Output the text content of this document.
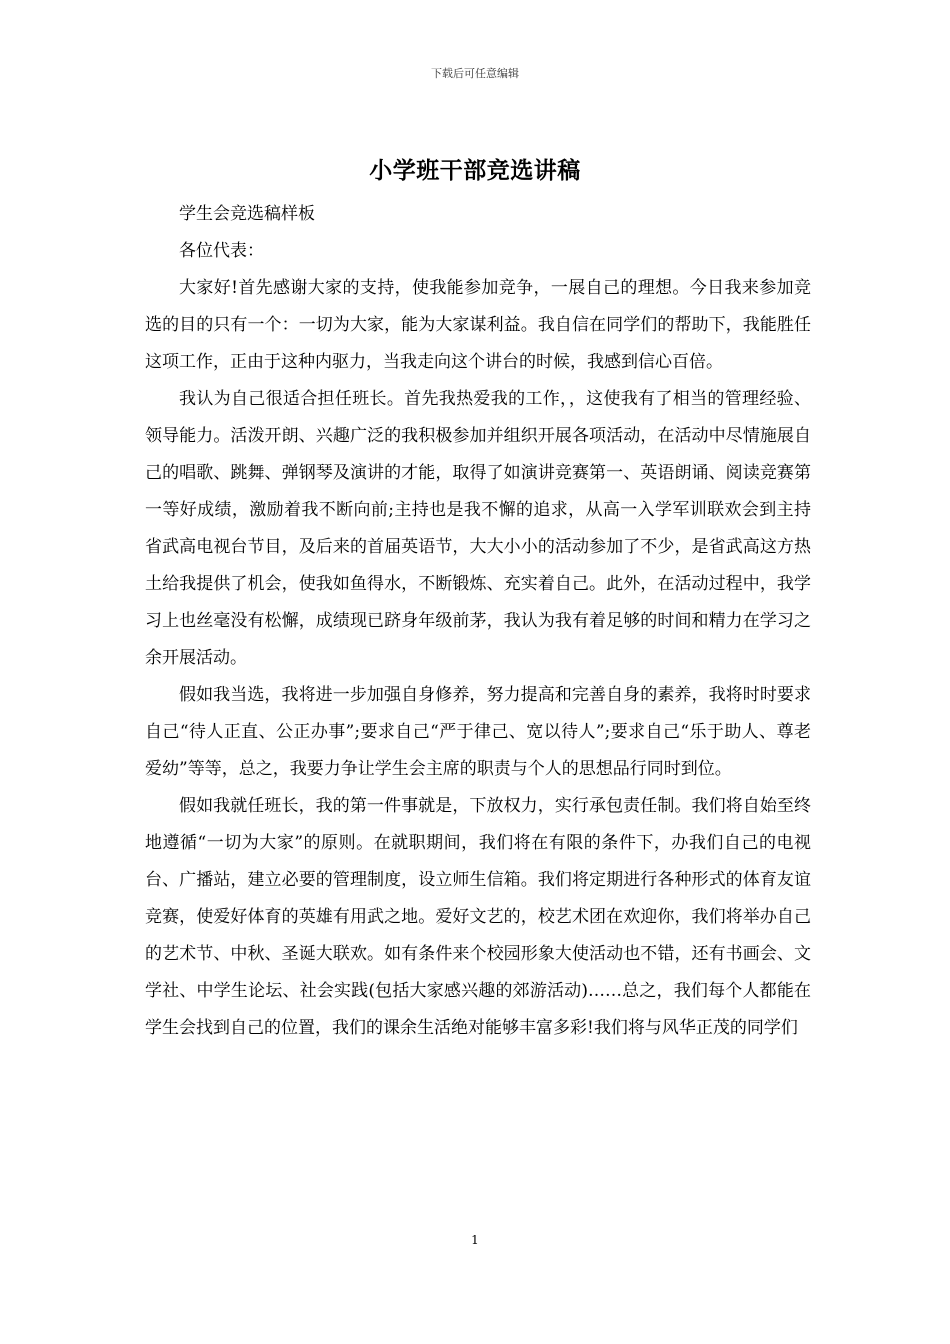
下载后可任意编辑
小学班干部竞选讲稿

学生会竞选稿样板

各位代表：

大家好!首先感谢大家的支持，使我能参加竞争，一展自己的理想。今日我来参加竞选的目的只有一个：一切为大家，能为大家谋利益。我自信在同学们的帮助下，我能胜任这项工作，正由于这种内驱力，当我走向这个讲台的时候，我感到信心百倍。

我认为自己很适合担任班长。首先我热爱我的工作，，这使我有了相当的管理经验、领导能力。活泼开朗、兴趣广泛的我积极参加并组织开展各项活动，在活动中尽情施展自己的唱歌、跳舞、弹钢琴及演讲的才能，取得了如演讲竞赛第一、英语朗诵、阅读竞赛第一等好成绩，激励着我不断向前;主持也是我不懈的追求，从高一入学军训联欢会到主持省武高电视台节目，及后来的首届英语节，大大小小的活动参加了不少，是省武高这方热土给我提供了机会，使我如鱼得水，不断锻炼、充实着自己。此外，在活动过程中，我学习上也丝毫没有松懈，成绩现已跻身年级前茅，我认为我有着足够的时间和精力在学习之余开展活动。

假如我当选，我将进一步加强自身修养，努力提高和完善自身的素养，我将时时要求自己“待人正直、公正办事”;要求自己“严于律己、宽以待人”;要求自己“乐于助人、尊老爱幼”等等，总之，我要力争让学生会主席的职责与个人的思想品行同时到位。

假如我就任班长，我的第一件事就是，下放权力，实行承包责任制。我们将自始至终地遵循“一切为大家”的原则。在就职期间，我们将在有限的条件下，办我们自己的电视台、广播站，建立必要的管理制度，设立师生信箱。我们将定期进行各种形式的体育友谊竞赛，使爱好体育的英雄有用武之地。爱好文艺的，校艺术团在欢迎你，我们将举办自己的艺术节、中秋、圣诞大联欢。如有条件来个校园形象大使活动也不错，还有书画会、文学社、中学生论坛、社会实践(包括大家感兴趣的郊游活动)……总之，我们每个人都能在学生会找到自己的位置，我们的课余生活绝对能够丰富多彩!我们将与风华正茂的同学们

1
